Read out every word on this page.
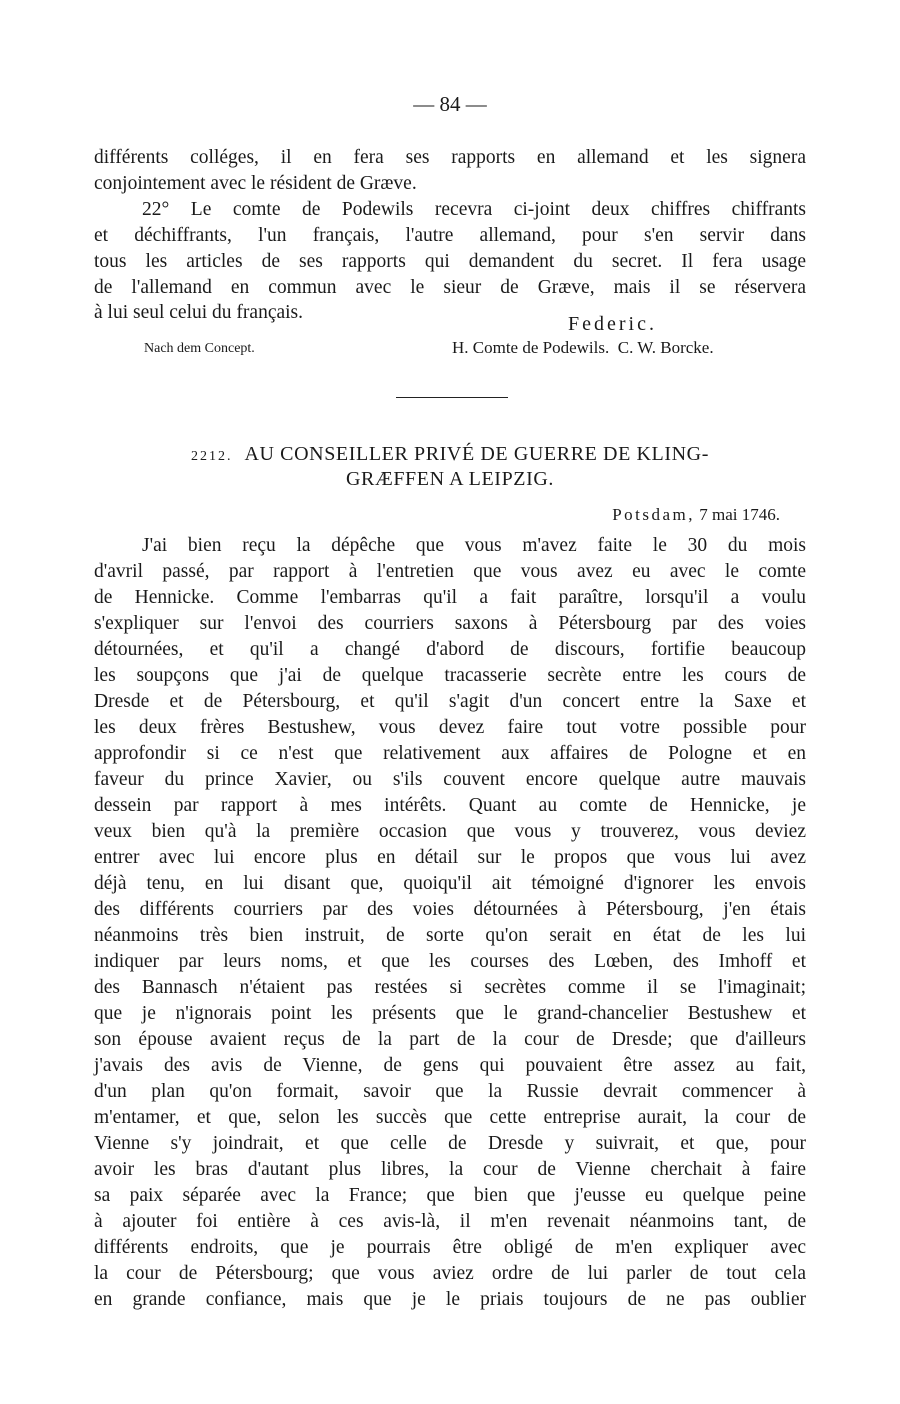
— 84 —
différents colléges, il en fera ses rapports en allemand et les signera
conjointement avec le résident de Græve.
22° Le comte de Podewils recevra ci-joint deux chiffres chiffrants
et déchiffrants, l'un français, l'autre allemand, pour s'en servir dans
tous les articles de ses rapports qui demandent du secret. Il fera usage
de l'allemand en commun avec le sieur de Græve, mais il se réservera
à lui seul celui du français.
Federic.
Nach dem Concept.	H. Comte de Podewils.  C. W. Borcke.
2212. AU CONSEILLER PRIVÉ DE GUERRE DE KLING-
GRÆFFEN A LEIPZIG.
Potsdam, 7 mai 1746.
J'ai bien reçu la dépêche que vous m'avez faite le 30 du mois
d'avril passé, par rapport à l'entretien que vous avez eu avec le comte
de Hennicke. Comme l'embarras qu'il a fait paraître, lorsqu'il a voulu
s'expliquer sur l'envoi des courriers saxons à Pétersbourg par des voies
détournées, et qu'il a changé d'abord de discours, fortifie beaucoup
les soupçons que j'ai de quelque tracasserie secrète entre les cours de
Dresde et de Pétersbourg, et qu'il s'agit d'un concert entre la Saxe et
les deux frères Bestushew, vous devez faire tout votre possible pour
approfondir si ce n'est que relativement aux affaires de Pologne et en
faveur du prince Xavier, ou s'ils couvent encore quelque autre mauvais
dessein par rapport à mes intérêts. Quant au comte de Hennicke, je
veux bien qu'à la première occasion que vous y trouverez, vous deviez
entrer avec lui encore plus en détail sur le propos que vous lui avez
déjà tenu, en lui disant que, quoiqu'il ait témoigné d'ignorer les envois
des différents courriers par des voies détournées à Pétersbourg, j'en étais
néanmoins très bien instruit, de sorte qu'on serait en état de les lui
indiquer par leurs noms, et que les courses des Lœben, des Imhoff et
des Bannasch n'étaient pas restées si secrètes comme il se l'imaginait;
que je n'ignorais point les présents que le grand-chancelier Bestushew et
son épouse avaient reçus de la part de la cour de Dresde; que d'ailleurs
j'avais des avis de Vienne, de gens qui pouvaient être assez au fait,
d'un plan qu'on formait, savoir que la Russie devrait commencer à
m'entamer, et que, selon les succès que cette entreprise aurait, la cour de
Vienne s'y joindrait, et que celle de Dresde y suivrait, et que, pour
avoir les bras d'autant plus libres, la cour de Vienne cherchait à faire
sa paix séparée avec la France; que bien que j'eusse eu quelque peine
à ajouter foi entière à ces avis-là, il m'en revenait néanmoins tant, de
différents endroits, que je pourrais être obligé de m'en expliquer avec
la cour de Pétersbourg; que vous aviez ordre de lui parler de tout cela
en grande confiance, mais que je le priais toujours de ne pas oublier
